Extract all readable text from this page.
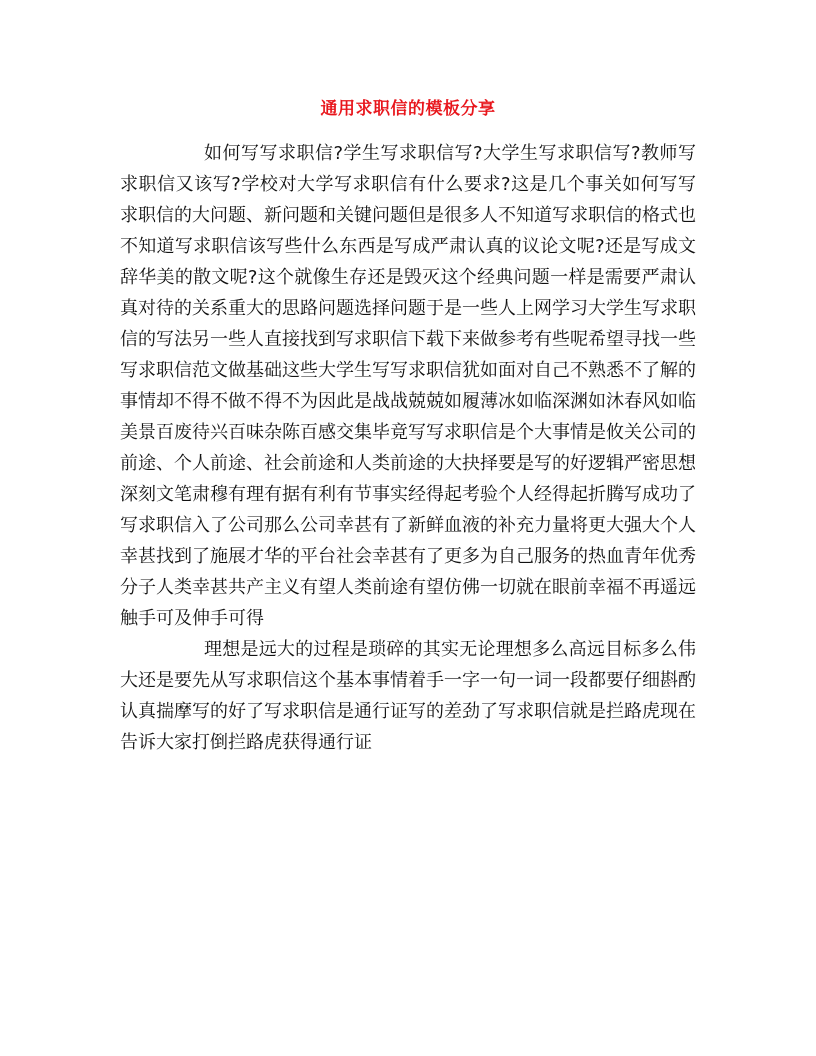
通用求职信的模板分享

如何写写求职信?学生写求职信写?大学生写求职信写?教师写求职信又该写?学校对大学写求职信有什么要求?这是几个事关如何写写求职信的大问题、新问题和关键问题但是很多人不知道写求职信的格式也不知道写求职信该写些什么东西是写成严肃认真的议论文呢?还是写成文辞华美的散文呢?这个就像生存还是毁灭这个经典问题一样是需要严肃认真对待的关系重大的思路问题选择问题于是一些人上网学习大学生写求职信的写法另一些人直接找到写求职信下载下来做参考有些呢希望寻找一些写求职信范文做基础这些大学生写写求职信犹如面对自己不熟悉不了解的事情却不得不做不得不为因此是战战兢兢如履薄冰如临深渊如沐春风如临美景百废待兴百味杂陈百感交集毕竟写写求职信是个大事情是攸关公司的前途、个人前途、社会前途和人类前途的大抉择要是写的好逻辑严密思想深刻文笔肃穆有理有据有利有节事实经得起考验个人经得起折腾写成功了写求职信入了公司那么公司幸甚有了新鲜血液的补充力量将更大强大个人幸甚找到了施展才华的平台社会幸甚有了更多为自己服务的热血青年优秀分子人类幸甚共产主义有望人类前途有望仿佛一切就在眼前幸福不再遥远触手可及伸手可得

理想是远大的过程是琐碎的其实无论理想多么高远目标多么伟大还是要先从写求职信这个基本事情着手一字一句一词一段都要仔细斟酌认真揣摩写的好了写求职信是通行证写的差劲了写求职信就是拦路虎现在告诉大家打倒拦路虎获得通行证
